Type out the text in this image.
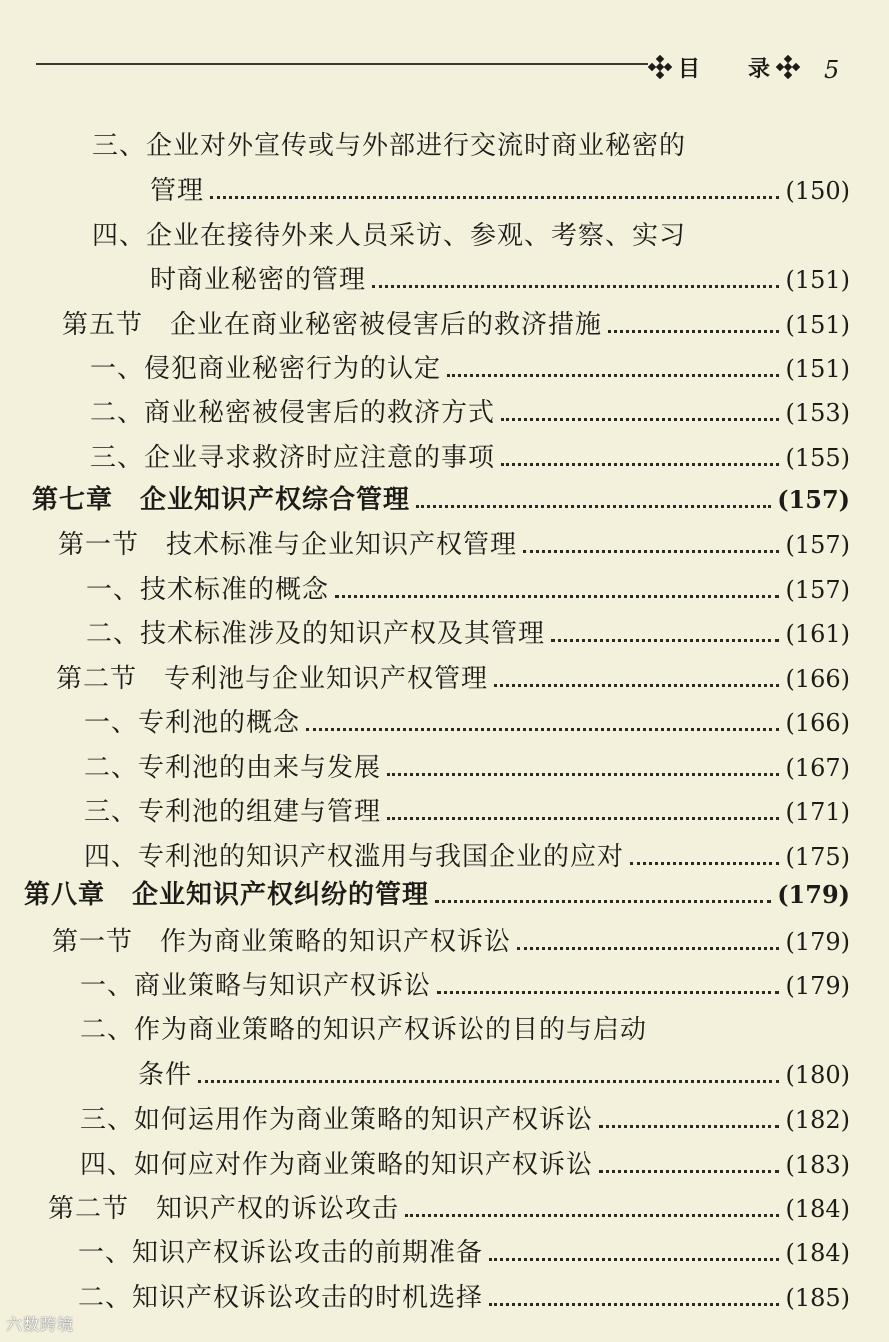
目 录 5
三、企业对外宣传或与外部进行交流时商业秘密的
管理	(150)
四、企业在接待外来人员采访、参观、考察、实习
时商业秘密的管理	(151)
第五节　企业在商业秘密被侵害后的救济措施	(151)
一、侵犯商业秘密行为的认定	(151)
二、商业秘密被侵害后的救济方式	(153)
三、企业寻求救济时应注意的事项	(155)
第七章　企业知识产权综合管理	(157)
第一节　技术标准与企业知识产权管理	(157)
一、技术标准的概念	(157)
二、技术标准涉及的知识产权及其管理	(161)
第二节　专利池与企业知识产权管理	(166)
一、专利池的概念	(166)
二、专利池的由来与发展	(167)
三、专利池的组建与管理	(171)
四、专利池的知识产权滥用与我国企业的应对	(175)
第八章　企业知识产权纠纷的管理	(179)
第一节　作为商业策略的知识产权诉讼	(179)
一、商业策略与知识产权诉讼	(179)
二、作为商业策略的知识产权诉讼的目的与启动
条件	(180)
三、如何运用作为商业策略的知识产权诉讼	(182)
四、如何应对作为商业策略的知识产权诉讼	(183)
第二节　知识产权的诉讼攻击	(184)
一、知识产权诉讼攻击的前期准备	(184)
二、知识产权诉讼攻击的时机选择	(185)
六数跨境
